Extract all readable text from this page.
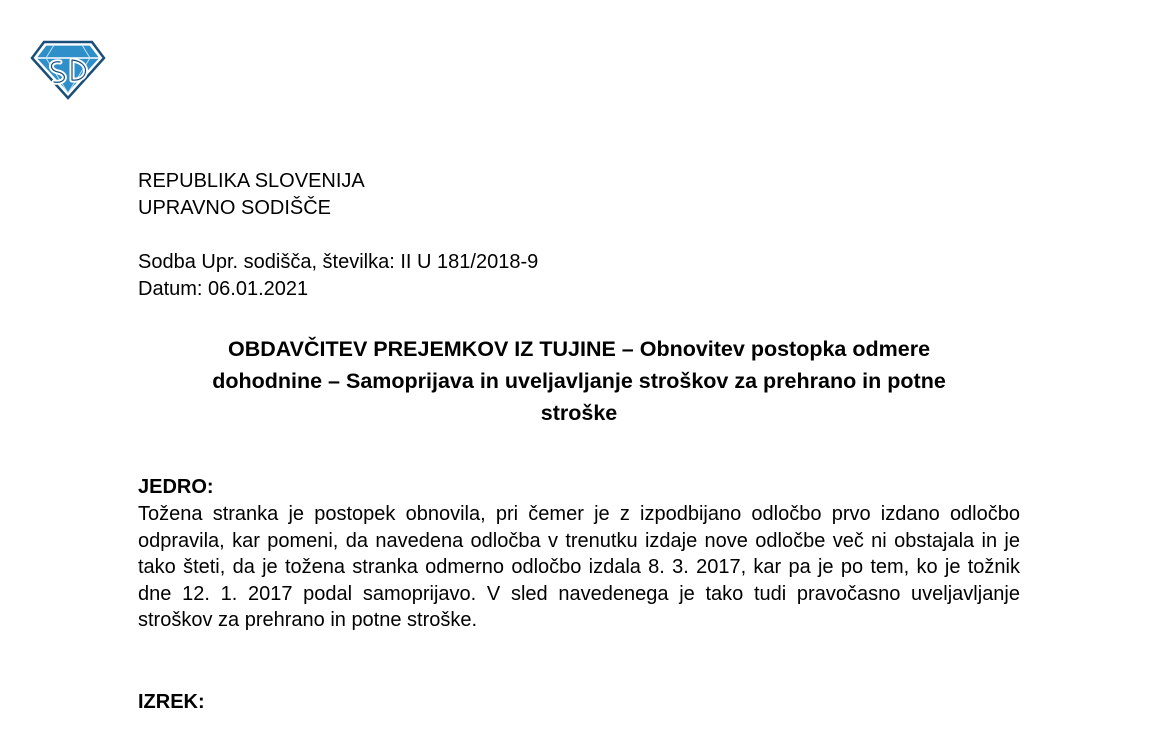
REPUBLIKA SLOVENIJA
UPRAVNO SODIŠČE
Sodba Upr. sodišča, številka: II U 181/2018-9
Datum: 06.01.2021
OBDAVČITEV PREJEMKOV IZ TUJINE – Obnovitev postopka odmere dohodnine – Samoprijava in uveljavljanje stroškov za prehrano in potne stroške
JEDRO:
Tožena stranka je postopek obnovila, pri čemer je z izpodbijano odločbo prvo izdano odločbo odpravila, kar pomeni, da navedena odločba v trenutku izdaje nove odločbe več ni obstajala in je tako šteti, da je tožena stranka odmerno odločbo izdala 8. 3. 2017, kar pa je po tem, ko je tožnik dne 12. 1. 2017 podal samoprijavo. V sled navedenega je tako tudi pravočasno uveljavljanje stroškov za prehrano in potne stroške.
IZREK:
